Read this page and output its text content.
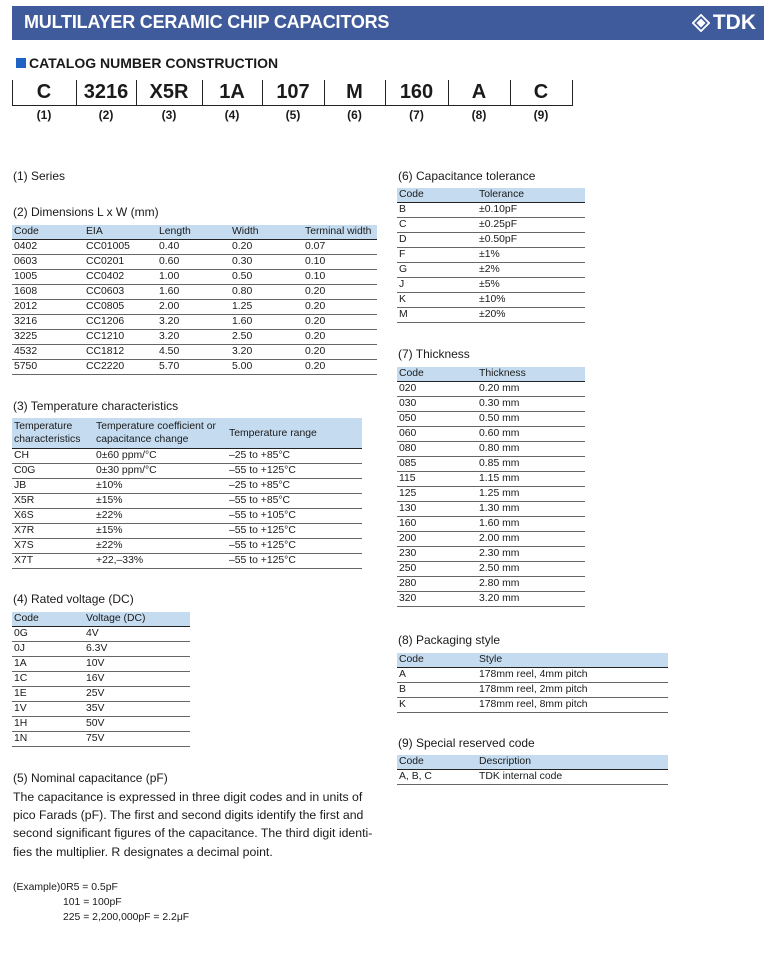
MULTILAYER CERAMIC CHIP CAPACITORS	TDK
CATALOG NUMBER CONSTRUCTION
C	3216	X5R	1A	107	M	160	A	C
(1)	(2)	(3)	(4)	(5)	(6)	(7)	(8)	(9)
(1) Series
(2) Dimensions L x W (mm)
Code	EIA	Length	Width	Terminal width
0402	CC01005	0.40	0.20	0.07
0603	CC0201	0.60	0.30	0.10
1005	CC0402	1.00	0.50	0.10
1608	CC0603	1.60	0.80	0.20
2012	CC0805	2.00	1.25	0.20
3216	CC1206	3.20	1.60	0.20
3225	CC1210	3.20	2.50	0.20
4532	CC1812	4.50	3.20	0.20
5750	CC2220	5.70	5.00	0.20
(3) Temperature characteristics
Temperature characteristics	Temperature coefficient or capacitance change	Temperature range
CH	0±60 ppm/°C	–25 to +85°C
C0G	0±30 ppm/°C	–55 to +125°C
JB	±10%	–25 to +85°C
X5R	±15%	–55 to +85°C
X6S	±22%	–55 to +105°C
X7R	±15%	–55 to +125°C
X7S	±22%	–55 to +125°C
X7T	+22,–33%	–55 to +125°C
(4) Rated voltage (DC)
Code	Voltage (DC)
0G	4V
0J	6.3V
1A	10V
1C	16V
1E	25V
1V	35V
1H	50V
1N	75V
(5) Nominal capacitance (pF)
The capacitance is expressed in three digit codes and in units of
pico Farads (pF). The first and second digits identify the first and
second significant figures of the capacitance. The third digit identi-
fies the multiplier. R designates a decimal point.
(Example)0R5 = 0.5pF
101 = 100pF
225 = 2,200,000pF = 2.2μF
(6) Capacitance tolerance
Code	Tolerance
B	±0.10pF
C	±0.25pF
D	±0.50pF
F	±1%
G	±2%
J	±5%
K	±10%
M	±20%
(7) Thickness
Code	Thickness
020	0.20 mm
030	0.30 mm
050	0.50 mm
060	0.60 mm
080	0.80 mm
085	0.85 mm
115	1.15 mm
125	1.25 mm
130	1.30 mm
160	1.60 mm
200	2.00 mm
230	2.30 mm
250	2.50 mm
280	2.80 mm
320	3.20 mm
(8) Packaging style
Code	Style
A	178mm reel, 4mm pitch
B	178mm reel, 2mm pitch
K	178mm reel, 8mm pitch
(9) Special reserved code
Code	Description
A, B, C	TDK internal code
